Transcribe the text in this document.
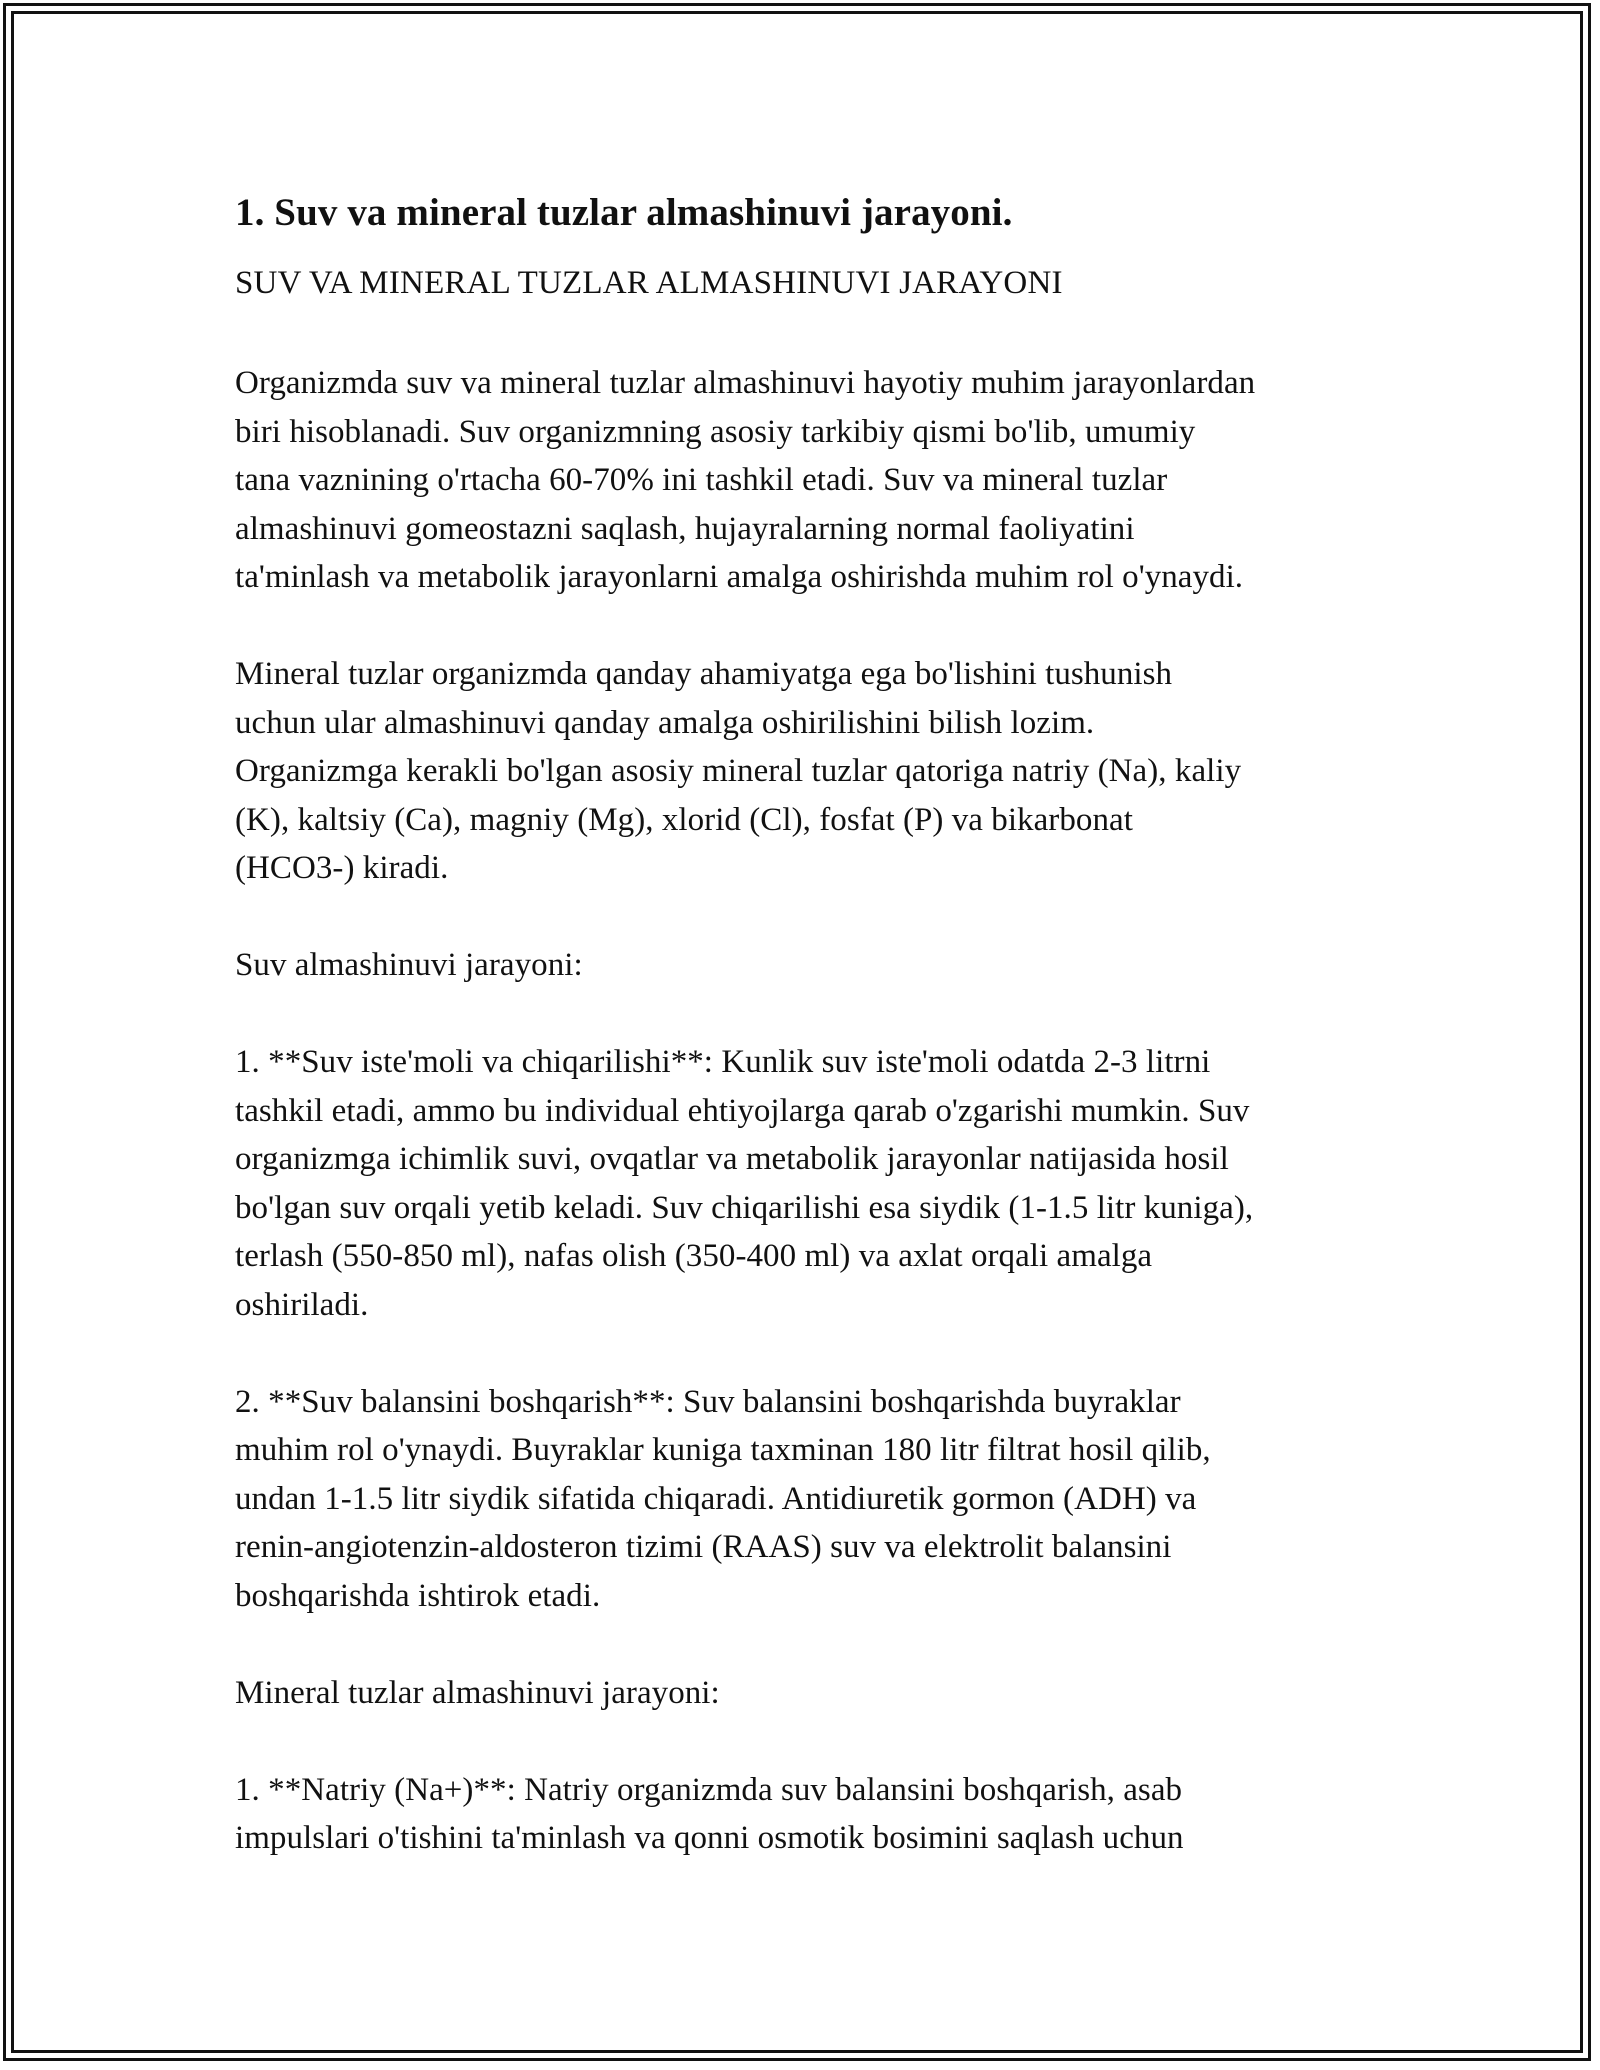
1. Suv va mineral tuzlar almashinuvi jarayoni.

SUV VA MINERAL TUZLAR ALMASHINUVI JARAYONI

Organizmda suv va mineral tuzlar almashinuvi hayotiy muhim jarayonlardan
biri hisoblanadi. Suv organizmning asosiy tarkibiy qismi bo'lib, umumiy
tana vaznining o'rtacha 60-70% ini tashkil etadi. Suv va mineral tuzlar
almashinuvi gomeostazni saqlash, hujayralarning normal faoliyatini
ta'minlash va metabolik jarayonlarni amalga oshirishda muhim rol o'ynaydi.

Mineral tuzlar organizmda qanday ahamiyatga ega bo'lishini tushunish
uchun ular almashinuvi qanday amalga oshirilishini bilish lozim.
Organizmga kerakli bo'lgan asosiy mineral tuzlar qatoriga natriy (Na), kaliy
(K), kaltsiy (Ca), magniy (Mg), xlorid (Cl), fosfat (P) va bikarbonat
(HCO3-) kiradi.

Suv almashinuvi jarayoni:

1. **Suv iste'moli va chiqarilishi**: Kunlik suv iste'moli odatda 2-3 litrni
tashkil etadi, ammo bu individual ehtiyojlarga qarab o'zgarishi mumkin. Suv
organizmga ichimlik suvi, ovqatlar va metabolik jarayonlar natijasida hosil
bo'lgan suv orqali yetib keladi. Suv chiqarilishi esa siydik (1-1.5 litr kuniga),
terlash (550-850 ml), nafas olish (350-400 ml) va axlat orqali amalga
oshiriladi.

2. **Suv balansini boshqarish**: Suv balansini boshqarishda buyraklar
muhim rol o'ynaydi. Buyraklar kuniga taxminan 180 litr filtrat hosil qilib,
undan 1-1.5 litr siydik sifatida chiqaradi. Antidiuretik gormon (ADH) va
renin-angiotenzin-aldosteron tizimi (RAAS) suv va elektrolit balansini
boshqarishda ishtirok etadi.

Mineral tuzlar almashinuvi jarayoni:

1. **Natriy (Na+)**: Natriy organizmda suv balansini boshqarish, asab
impulslari o'tishini ta'minlash va qonni osmotik bosimini saqlash uchun
